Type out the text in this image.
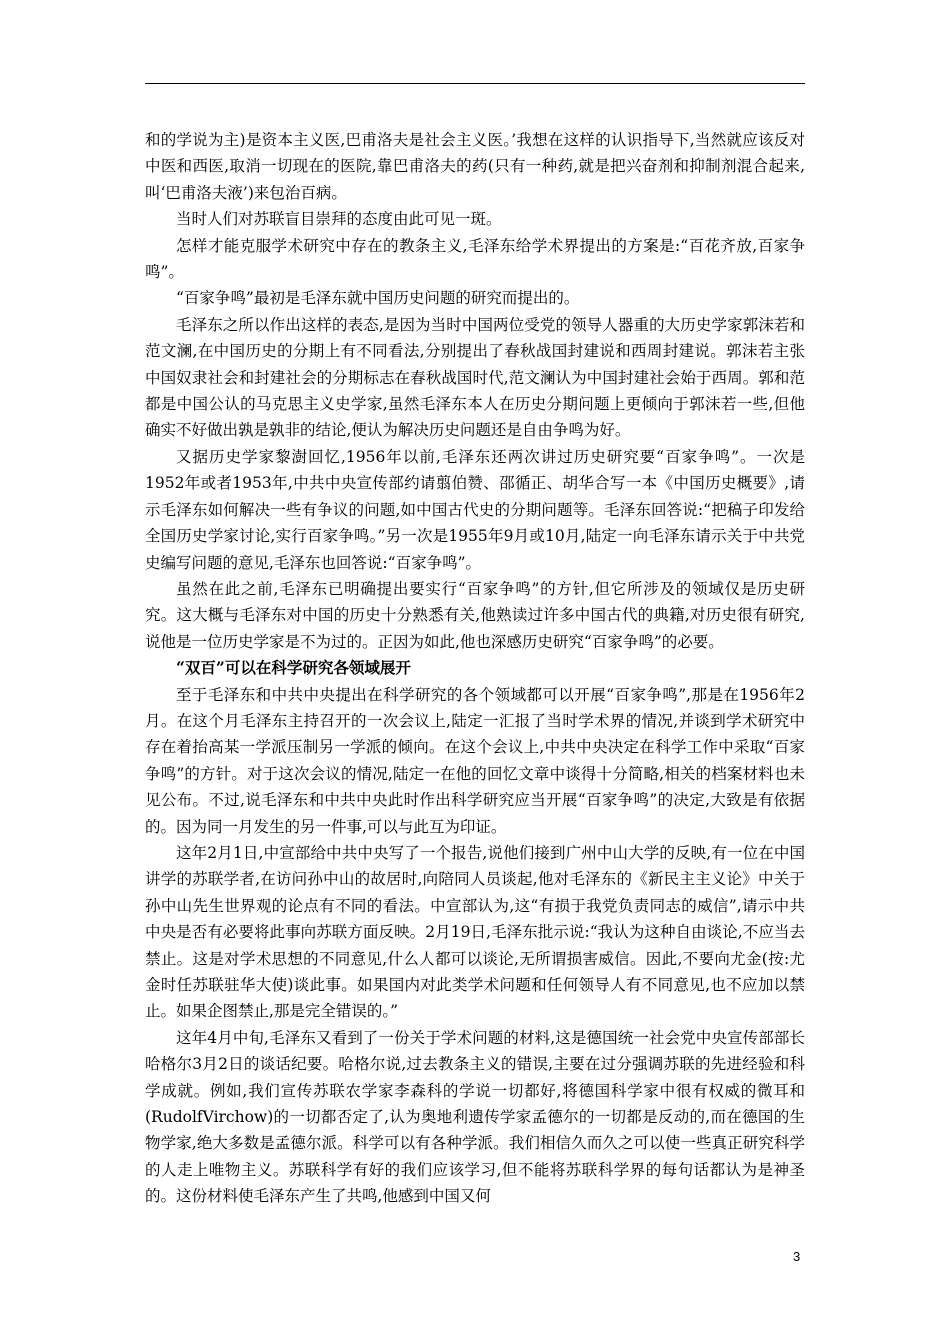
和的学说为主)是资本主义医,巴甫洛夫是社会主义医。’我想在这样的认识指导下,当然就应该反对中医和西医,取消一切现在的医院,靠巴甫洛夫的药(只有一种药,就是把兴奋剂和抑制剂混合起来,叫‘巴甫洛夫液’)来包治百病。

当时人们对苏联盲目崇拜的态度由此可见一斑。

怎样才能克服学术研究中存在的教条主义,毛泽东给学术界提出的方案是:“百花齐放,百家争鸣”。

“百家争鸣”最初是毛泽东就中国历史问题的研究而提出的。

毛泽东之所以作出这样的表态,是因为当时中国两位受党的领导人器重的大历史学家郭沫若和范文澜,在中国历史的分期上有不同看法,分别提出了春秋战国封建说和西周封建说。郭沫若主张中国奴隶社会和封建社会的分期标志在春秋战国时代,范文澜认为中国封建社会始于西周。郭和范都是中国公认的马克思主义史学家,虽然毛泽东本人在历史分期问题上更倾向于郭沫若一些,但他确实不好做出孰是孰非的结论,便认为解决历史问题还是自由争鸣为好。

又据历史学家黎澍回忆,1956年以前,毛泽东还两次讲过历史研究要“百家争鸣”。一次是1952年或者1953年,中共中央宣传部约请翦伯赞、邵循正、胡华合写一本《中国历史概要》,请示毛泽东如何解决一些有争议的问题,如中国古代史的分期问题等。毛泽东回答说:“把稿子印发给全国历史学家讨论,实行百家争鸣。”另一次是1955年9月或10月,陆定一向毛泽东请示关于中共党史编写问题的意见,毛泽东也回答说:“百家争鸣”。

虽然在此之前,毛泽东已明确提出要实行“百家争鸣”的方针,但它所涉及的领域仅是历史研究。这大概与毛泽东对中国的历史十分熟悉有关,他熟读过许多中国古代的典籍,对历史很有研究,说他是一位历史学家是不为过的。正因为如此,他也深感历史研究“百家争鸣”的必要。

“双百”可以在科学研究各领域展开

至于毛泽东和中共中央提出在科学研究的各个领域都可以开展“百家争鸣”,那是在1956年2月。在这个月毛泽东主持召开的一次会议上,陆定一汇报了当时学术界的情况,并谈到学术研究中存在着抬高某一学派压制另一学派的倾向。在这个会议上,中共中央决定在科学工作中采取“百家争鸣”的方针。对于这次会议的情况,陆定一在他的回忆文章中谈得十分简略,相关的档案材料也未见公布。不过,说毛泽东和中共中央此时作出科学研究应当开展“百家争鸣”的决定,大致是有依据的。因为同一月发生的另一件事,可以与此互为印证。

这年2月1日,中宣部给中共中央写了一个报告,说他们接到广州中山大学的反映,有一位在中国讲学的苏联学者,在访问孙中山的故居时,向陪同人员谈起,他对毛泽东的《新民主主义论》中关于孙中山先生世界观的论点有不同的看法。中宣部认为,这“有损于我党负责同志的威信”,请示中共中央是否有必要将此事向苏联方面反映。2月19日,毛泽东批示说:“我认为这种自由谈论,不应当去禁止。这是对学术思想的不同意见,什么人都可以谈论,无所谓损害威信。因此,不要向尤金(按:尤金时任苏联驻华大使)谈此事。如果国内对此类学术问题和任何领导人有不同意见,也不应加以禁止。如果企图禁止,那是完全错误的。”

这年4月中旬,毛泽东又看到了一份关于学术问题的材料,这是德国统一社会党中央宣传部部长哈格尔3月2日的谈话纪要。哈格尔说,过去教条主义的错误,主要在过分强调苏联的先进经验和科学成就。例如,我们宣传苏联农学家李森科的学说一切都好,将德国科学家中很有权威的微耳和(RudolfVirchow)的一切都否定了,认为奥地利遗传学家孟德尔的一切都是反动的,而在德国的生物学家,绝大多数是孟德尔派。科学可以有各种学派。我们相信久而久之可以使一些真正研究科学的人走上唯物主义。苏联科学有好的我们应该学习,但不能将苏联科学界的每句话都认为是神圣的。这份材料使毛泽东产生了共鸣,他感到中国又何

3
